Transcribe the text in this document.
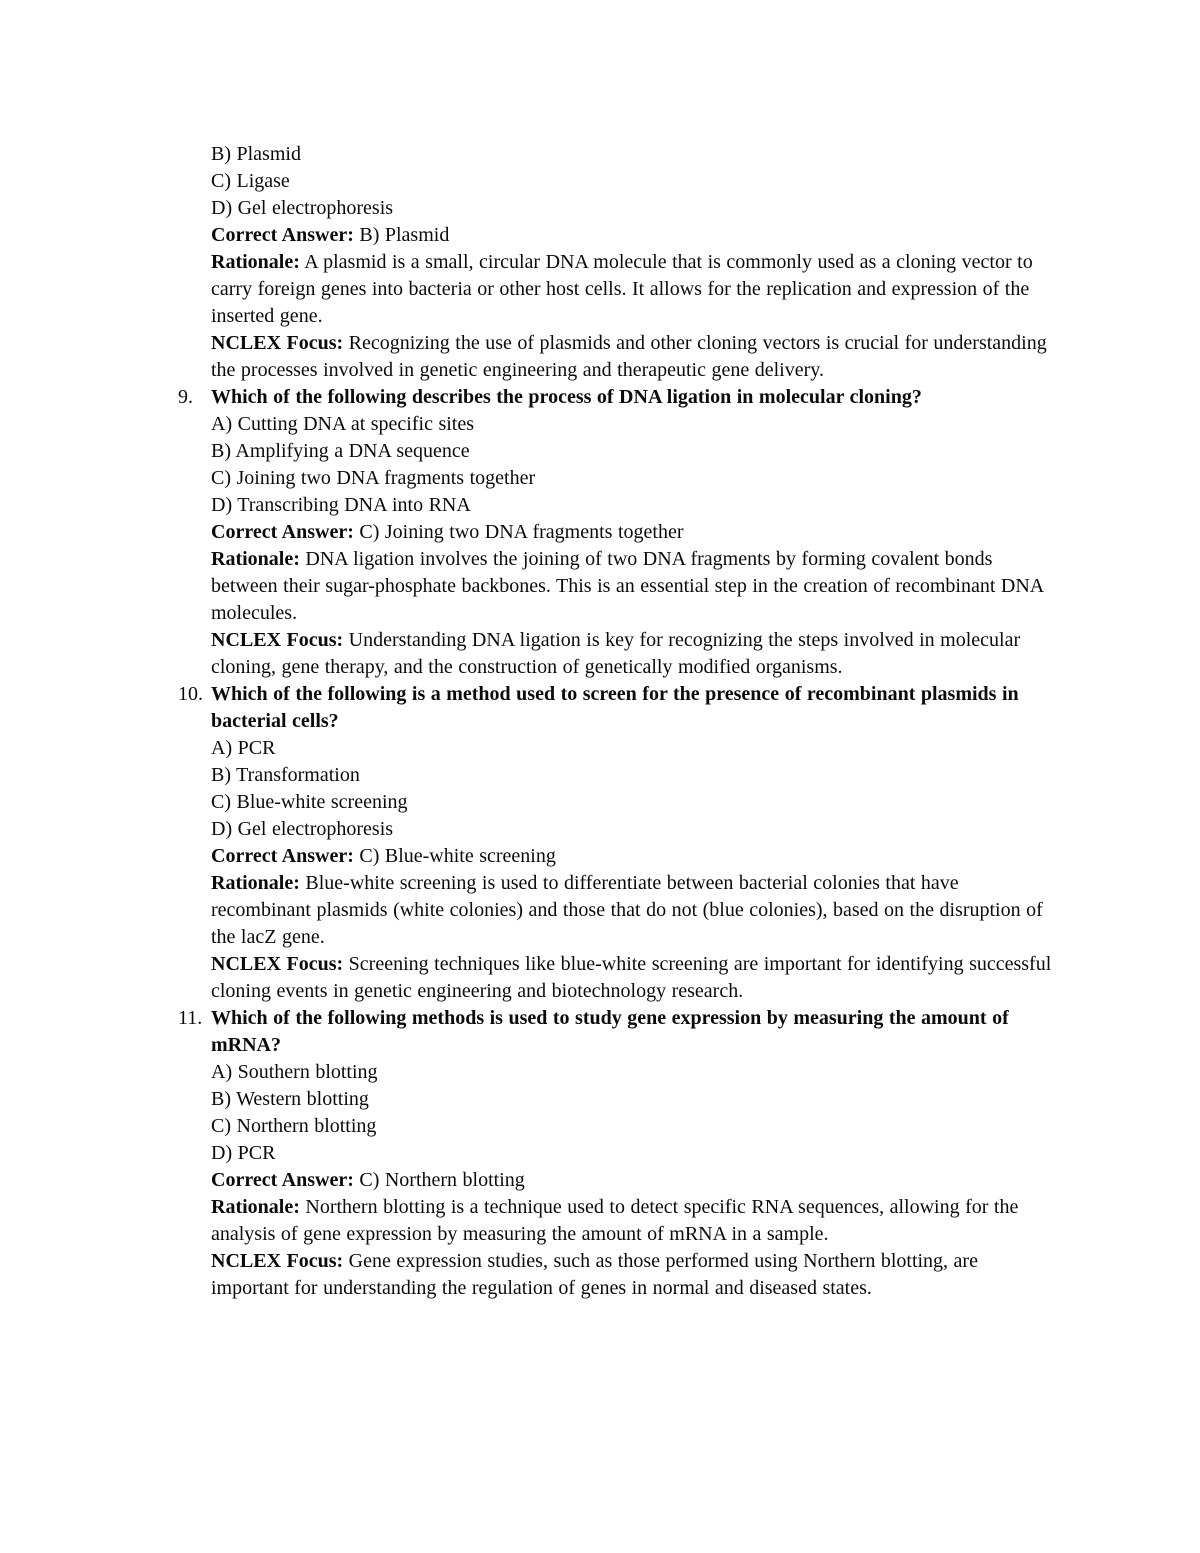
B) Plasmid
C) Ligase
D) Gel electrophoresis

Correct Answer: B) Plasmid

Rationale: A plasmid is a small, circular DNA molecule that is commonly used as a cloning vector to carry foreign genes into bacteria or other host cells. It allows for the replication and expression of the inserted gene.

NCLEX Focus: Recognizing the use of plasmids and other cloning vectors is crucial for understanding the processes involved in genetic engineering and therapeutic gene delivery.

9. Which of the following describes the process of DNA ligation in molecular cloning?

A) Cutting DNA at specific sites
B) Amplifying a DNA sequence
C) Joining two DNA fragments together
D) Transcribing DNA into RNA

Correct Answer: C) Joining two DNA fragments together

Rationale: DNA ligation involves the joining of two DNA fragments by forming covalent bonds between their sugar-phosphate backbones. This is an essential step in the creation of recombinant DNA molecules.

NCLEX Focus: Understanding DNA ligation is key for recognizing the steps involved in molecular cloning, gene therapy, and the construction of genetically modified organisms.

10. Which of the following is a method used to screen for the presence of recombinant plasmids in bacterial cells?

A) PCR
B) Transformation
C) Blue-white screening
D) Gel electrophoresis

Correct Answer: C) Blue-white screening

Rationale: Blue-white screening is used to differentiate between bacterial colonies that have recombinant plasmids (white colonies) and those that do not (blue colonies), based on the disruption of the lacZ gene.

NCLEX Focus: Screening techniques like blue-white screening are important for identifying successful cloning events in genetic engineering and biotechnology research.

11. Which of the following methods is used to study gene expression by measuring the amount of mRNA?

A) Southern blotting
B) Western blotting
C) Northern blotting
D) PCR

Correct Answer: C) Northern blotting

Rationale: Northern blotting is a technique used to detect specific RNA sequences, allowing for the analysis of gene expression by measuring the amount of mRNA in a sample.

NCLEX Focus: Gene expression studies, such as those performed using Northern blotting, are important for understanding the regulation of genes in normal and diseased states.
